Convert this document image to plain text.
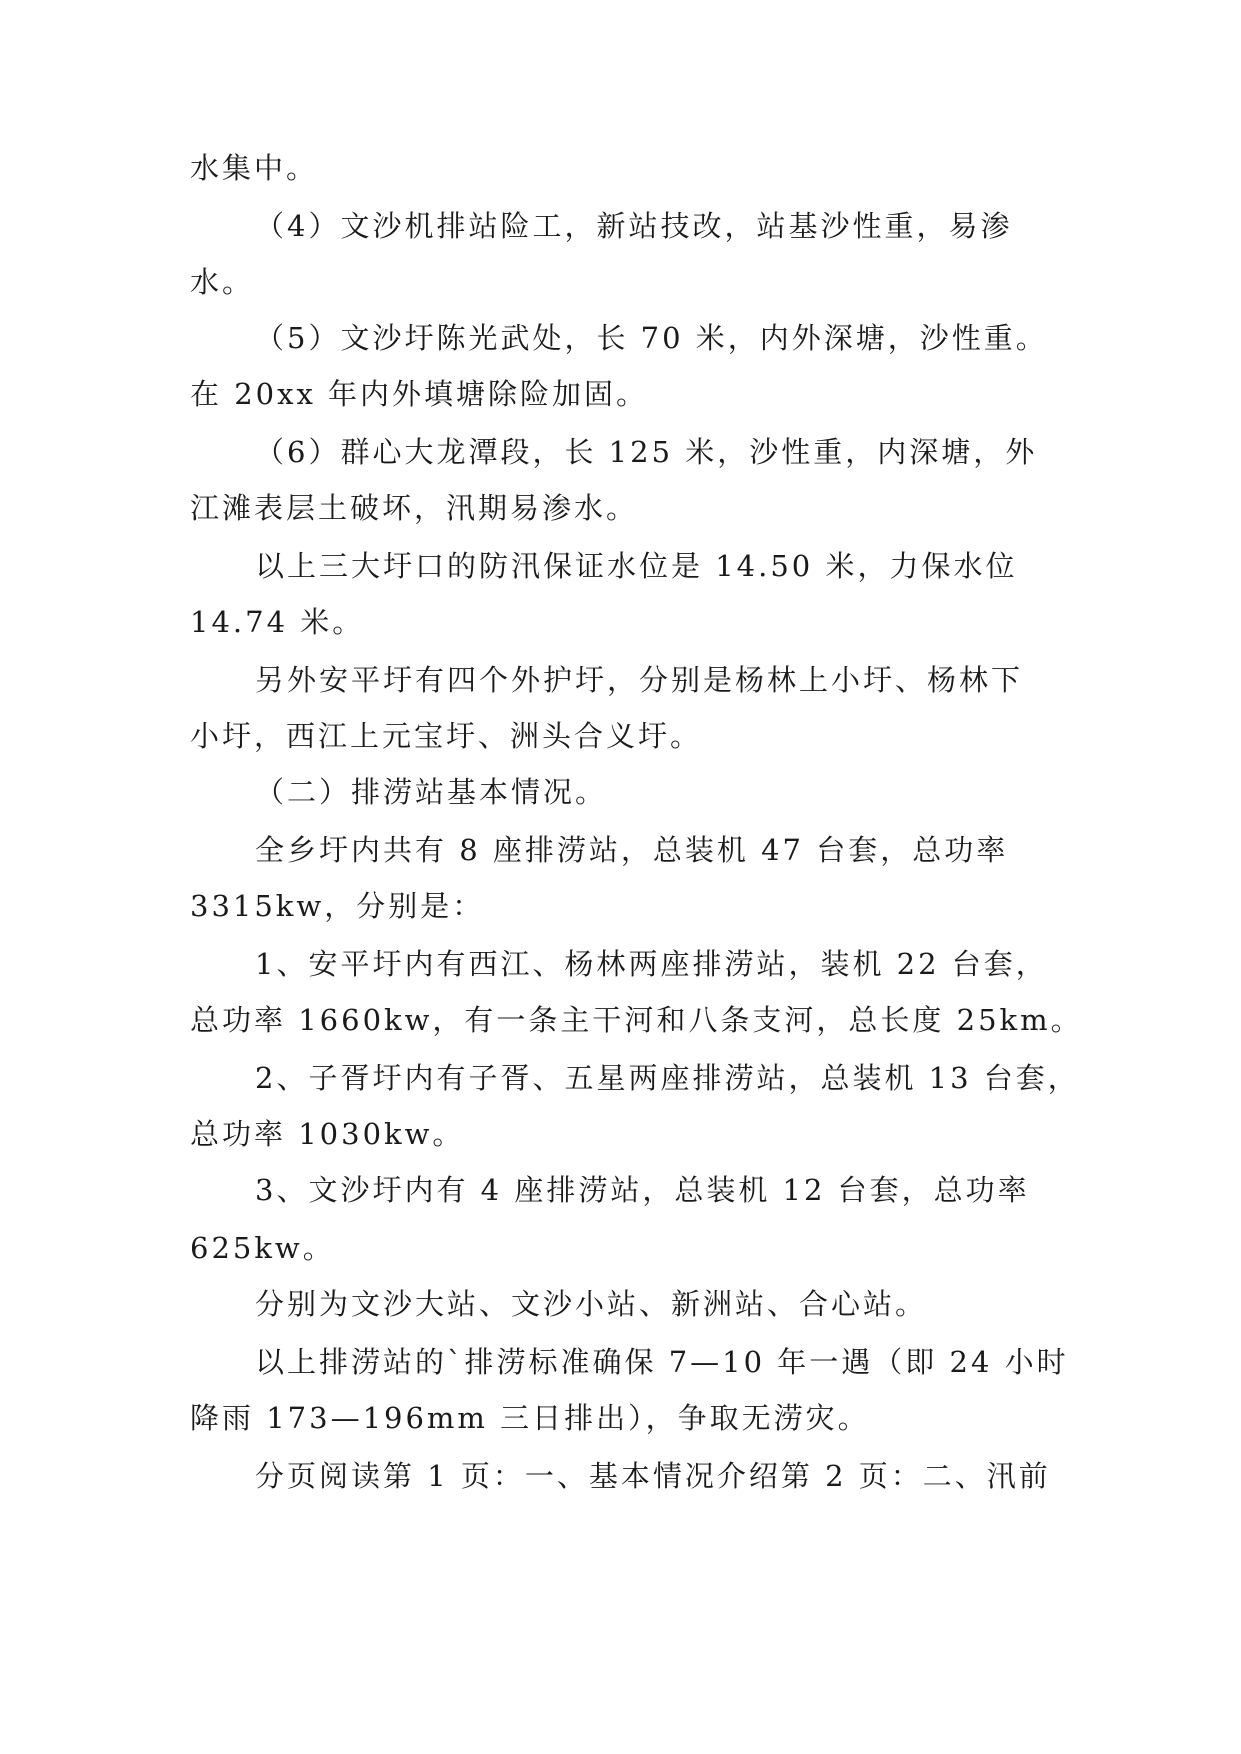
水集中。
（4）文沙机排站险工，新站技改，站基沙性重，易渗
水。
（5）文沙圩陈光武处，长 70 米，内外深塘，沙性重。
在 20xx 年内外填塘除险加固。
（6）群心大龙潭段，长 125 米，沙性重，内深塘，外
江滩表层土破坏，汛期易渗水。
以上三大圩口的防汛保证水位是 14.50 米，力保水位
14.74 米。
另外安平圩有四个外护圩，分别是杨林上小圩、杨林下
小圩，西江上元宝圩、洲头合义圩。
（二）排涝站基本情况。
全乡圩内共有 8 座排涝站，总装机 47 台套，总功率
3315kw，分别是：
1、安平圩内有西江、杨林两座排涝站，装机 22 台套，
总功率 1660kw，有一条主干河和八条支河，总长度 25km。
2、子胥圩内有子胥、五星两座排涝站，总装机 13 台套，
总功率 1030kw。
3、文沙圩内有 4 座排涝站，总装机 12 台套，总功率
625kw。
分别为文沙大站、文沙小站、新洲站、合心站。
以上排涝站的`排涝标准确保 7—10 年一遇（即 24 小时
降雨 173—196mm 三日排出），争取无涝灾。
分页阅读第 1 页：一、基本情况介绍第 2 页：二、汛前
